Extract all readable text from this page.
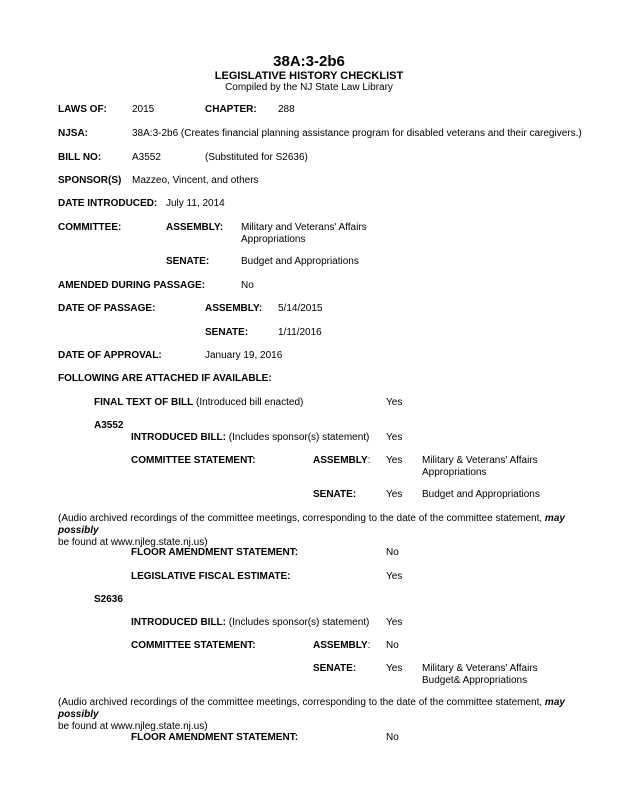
38A:3-2b6
LEGISLATIVE HISTORY CHECKLIST
Compiled by the NJ State Law Library
LAWS OF:	2015	CHAPTER: 288
NJSA:	38A:3-2b6 (Creates financial planning assistance program for disabled veterans and their caregivers.)
BILL NO:	A3552	(Substituted for S2636)
SPONSOR(S) Mazzeo, Vincent, and others
DATE INTRODUCED: July 11, 2014
COMMITTEE:	ASSEMBLY: Military and Veterans' Affairs
Appropriations
SENATE:	Budget and Appropriations
AMENDED DURING PASSAGE:	No
DATE OF PASSAGE:	ASSEMBLY: 5/14/2015
SENATE:	1/11/2016
DATE OF APPROVAL:	January 19, 2016
FOLLOWING ARE ATTACHED IF AVAILABLE:
FINAL TEXT OF BILL (Introduced bill enacted)	Yes
A3552
INTRODUCED BILL: (Includes sponsor(s) statement) Yes
COMMITTEE STATEMENT:	ASSEMBLY: Yes Military & Veterans' Affairs
Appropriations
SENATE:	Yes Budget and Appropriations
(Audio archived recordings of the committee meetings, corresponding to the date of the committee statement, may possibly
be found at www.njleg.state.nj.us)
FLOOR AMENDMENT STATEMENT:	No
LEGISLATIVE FISCAL ESTIMATE:	Yes
S2636
INTRODUCED BILL: (Includes sponsor(s) statement) Yes
COMMITTEE STATEMENT:	ASSEMBLY: No
SENATE:	Yes Military & Veterans' Affairs
Budget& Appropriations
(Audio archived recordings of the committee meetings, corresponding to the date of the committee statement, may possibly
be found at www.njleg.state.nj.us)
FLOOR AMENDMENT STATEMENT:	No
